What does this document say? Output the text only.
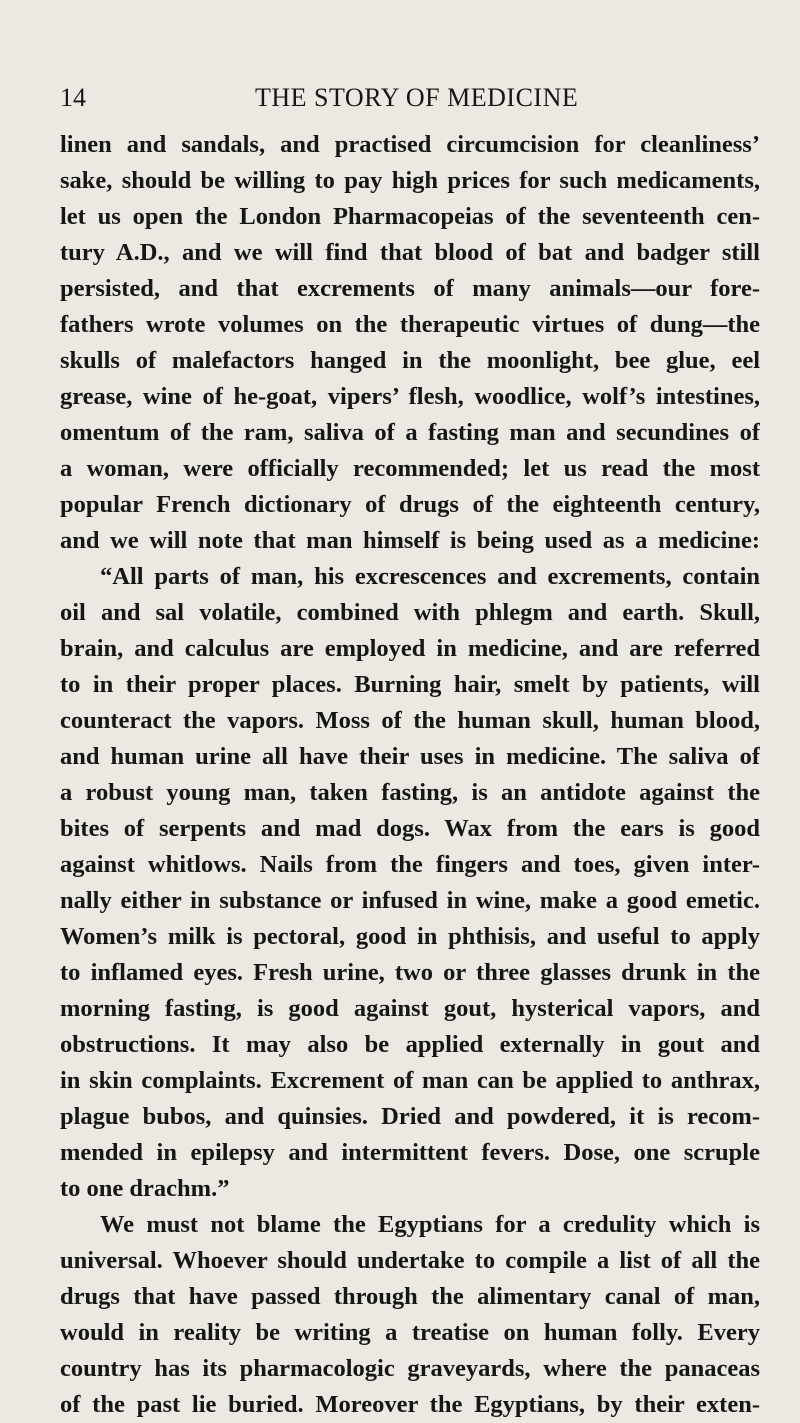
14	THE STORY OF MEDICINE
linen and sandals, and practised circumcision for cleanliness’
sake, should be willing to pay high prices for such medicaments,
let us open the London Pharmacopeias of the seventeenth cen-
tury A.D., and we will find that blood of bat and badger still
persisted, and that excrements of many animals—our fore-
fathers wrote volumes on the therapeutic virtues of dung—the
skulls of malefactors hanged in the moonlight, bee glue, eel
grease, wine of he-goat, vipers’ flesh, woodlice, wolf’s intestines,
omentum of the ram, saliva of a fasting man and secundines of
a woman, were officially recommended; let us read the most
popular French dictionary of drugs of the eighteenth century,
and we will note that man himself is being used as a medicine:
“All parts of man, his excrescences and excrements, contain
oil and sal volatile, combined with phlegm and earth. Skull,
brain, and calculus are employed in medicine, and are referred
to in their proper places. Burning hair, smelt by patients, will
counteract the vapors. Moss of the human skull, human blood,
and human urine all have their uses in medicine. The saliva of
a robust young man, taken fasting, is an antidote against the
bites of serpents and mad dogs. Wax from the ears is good
against whitlows. Nails from the fingers and toes, given inter-
nally either in substance or infused in wine, make a good emetic.
Women’s milk is pectoral, good in phthisis, and useful to apply
to inflamed eyes. Fresh urine, two or three glasses drunk in the
morning fasting, is good against gout, hysterical vapors, and
obstructions. It may also be applied externally in gout and
in skin complaints. Excrement of man can be applied to anthrax,
plague bubos, and quinsies. Dried and powdered, it is recom-
mended in epilepsy and intermittent fevers. Dose, one scruple
to one drachm.”
We must not blame the Egyptians for a credulity which is
universal. Whoever should undertake to compile a list of all the
drugs that have passed through the alimentary canal of man,
would in reality be writing a treatise on human folly. Every
country has its pharmacologic graveyards, where the panaceas
of the past lie buried. Moreover the Egyptians, by their exten-
